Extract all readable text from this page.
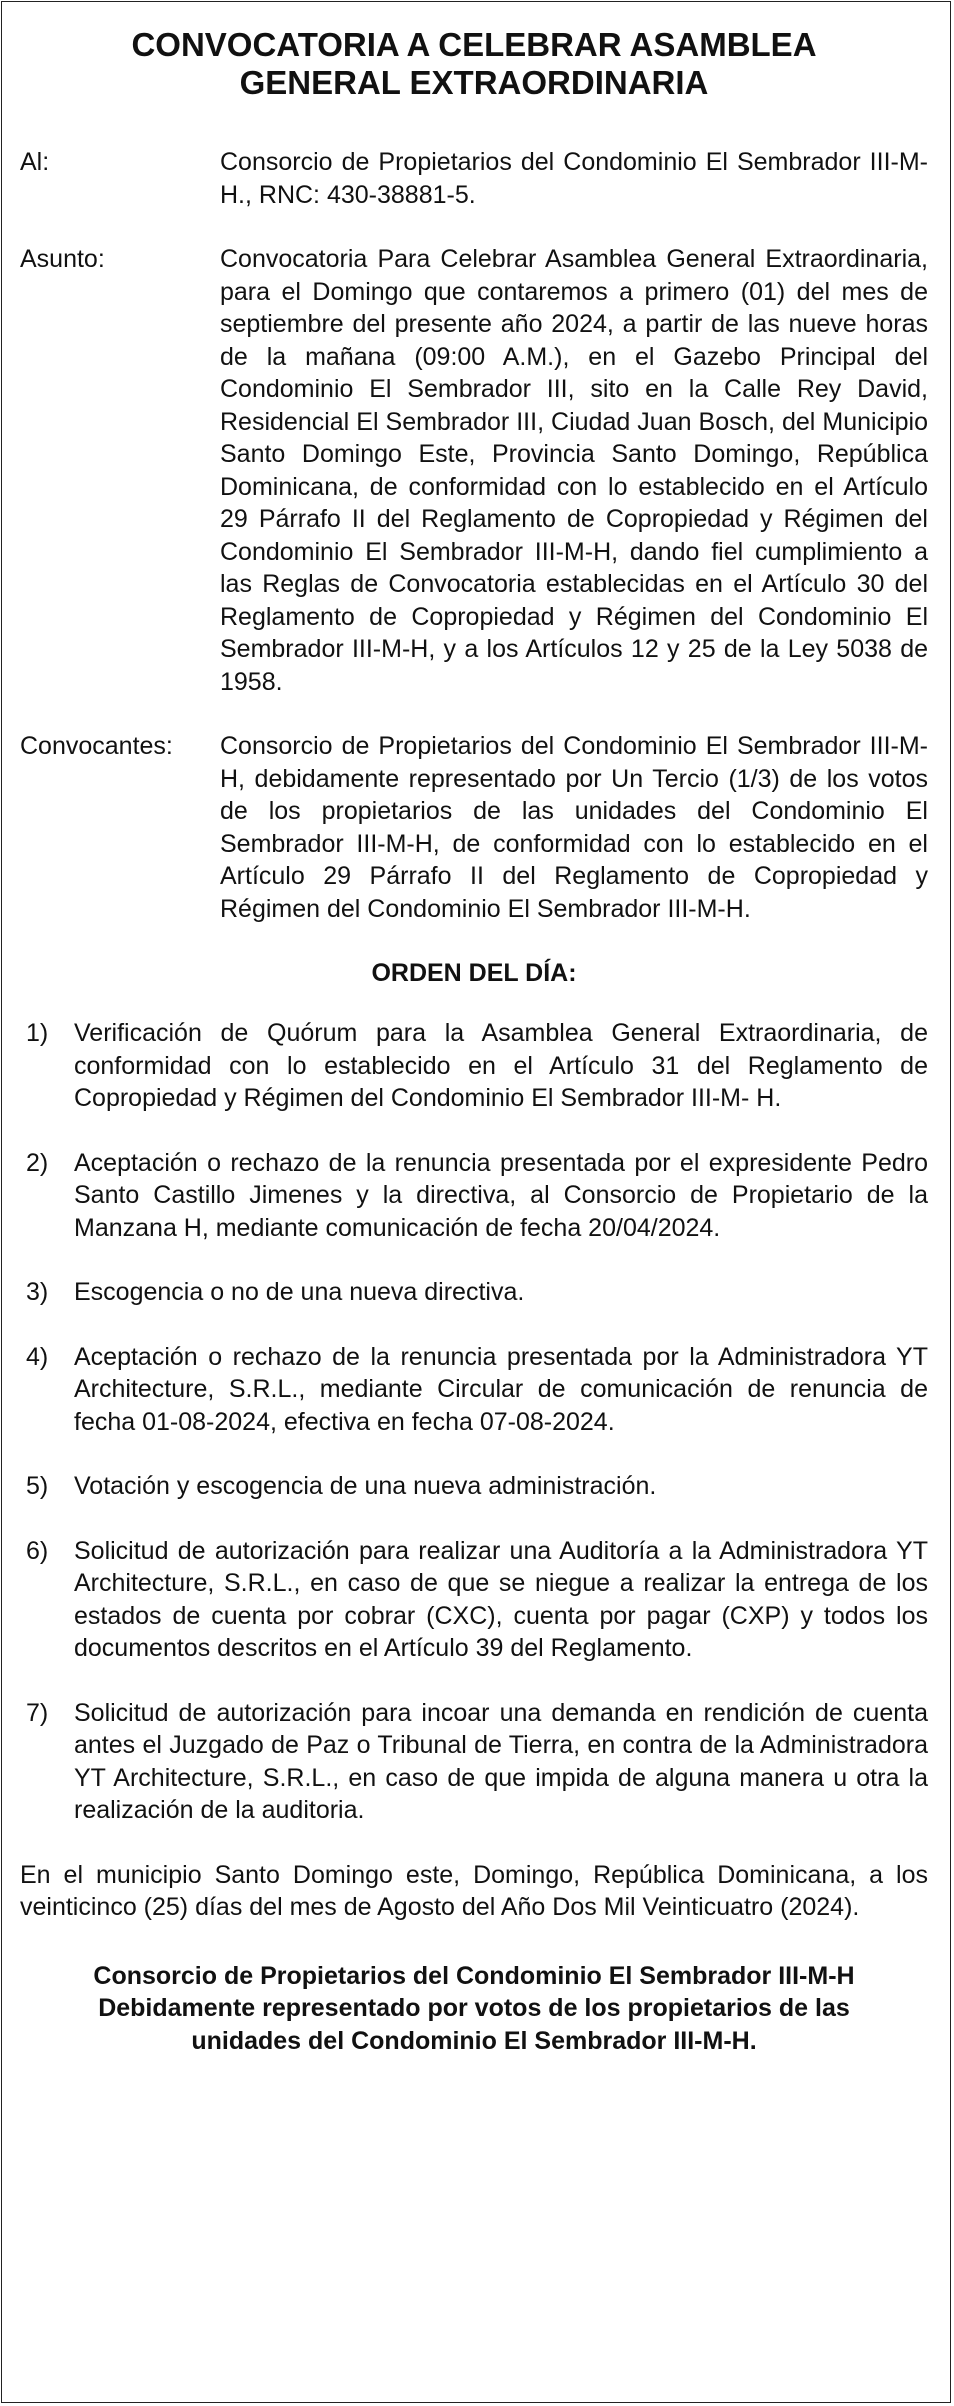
CONVOCATORIA A CELEBRAR ASAMBLEA
GENERAL EXTRAORDINARIA
Al:	Consorcio de Propietarios del Condominio El Sembrador III-M-H., RNC: 430-38881-5.
Asunto:	Convocatoria Para Celebrar Asamblea General Extraordinaria, para el Domingo que contaremos a primero (01) del mes de septiembre del presente año 2024, a partir de las nueve horas de la mañana (09:00 A.M.), en el Gazebo Principal del Condominio El Sembrador III, sito en la Calle Rey David, Residencial El Sembrador III, Ciudad Juan Bosch, del Municipio Santo Domingo Este, Provincia Santo Domingo, República Dominicana, de conformidad con lo establecido en el Artículo 29 Párrafo II del Reglamento de Copropiedad y Régimen del Condominio El Sembrador III-M-H, dando fiel cumplimiento a las Reglas de Convocatoria establecidas en el Artículo 30 del Reglamento de Copropiedad y Régimen del Condominio El Sembrador III-M-H, y a los Artículos 12 y 25 de la Ley 5038 de 1958.
Convocantes:	Consorcio de Propietarios del Condominio El Sembrador III-M-H, debidamente representado por Un Tercio (1/3) de los votos de los propietarios de las unidades del Condominio El Sembrador III-M-H, de conformidad con lo establecido en el Artículo 29 Párrafo II del Reglamento de Copropiedad y Régimen del Condominio El Sembrador III-M-H.
ORDEN DEL DÍA:
1)	Verificación de Quórum para la Asamblea General Extraordinaria, de conformidad con lo establecido en el Artículo 31 del Reglamento de Copropiedad y Régimen del Condominio El Sembrador III-M- H.
2)	Aceptación o rechazo de la renuncia presentada por el expresidente Pedro Santo Castillo Jimenes y la directiva, al Consorcio de Propietario de la Manzana H, mediante comunicación de fecha 20/04/2024.
3)	Escogencia o no de una nueva directiva.
4)	Aceptación o rechazo de la renuncia presentada por la Administradora YT Architecture, S.R.L., mediante Circular de comunicación de renuncia de fecha 01-08-2024, efectiva en fecha 07-08-2024.
5)	Votación y escogencia de una nueva administración.
6)	Solicitud de autorización para realizar una Auditoría a la Administradora YT Architecture, S.R.L., en caso de que se niegue a realizar la entrega de los estados de cuenta por cobrar (CXC), cuenta por pagar (CXP) y todos los documentos descritos en el Artículo 39 del Reglamento.
7)	Solicitud de autorización para incoar una demanda en rendición de cuenta antes el Juzgado de Paz o Tribunal de Tierra, en contra de la Administradora YT Architecture, S.R.L., en caso de que impida de alguna manera u otra la realización de la auditoria.
En el municipio Santo Domingo este, Domingo, República Dominicana, a los veinticinco (25) días del mes de Agosto del Año Dos Mil Veinticuatro (2024).
Consorcio de Propietarios del Condominio El Sembrador III-M-H
Debidamente representado por votos de los propietarios de las
unidades del Condominio El Sembrador III-M-H.
